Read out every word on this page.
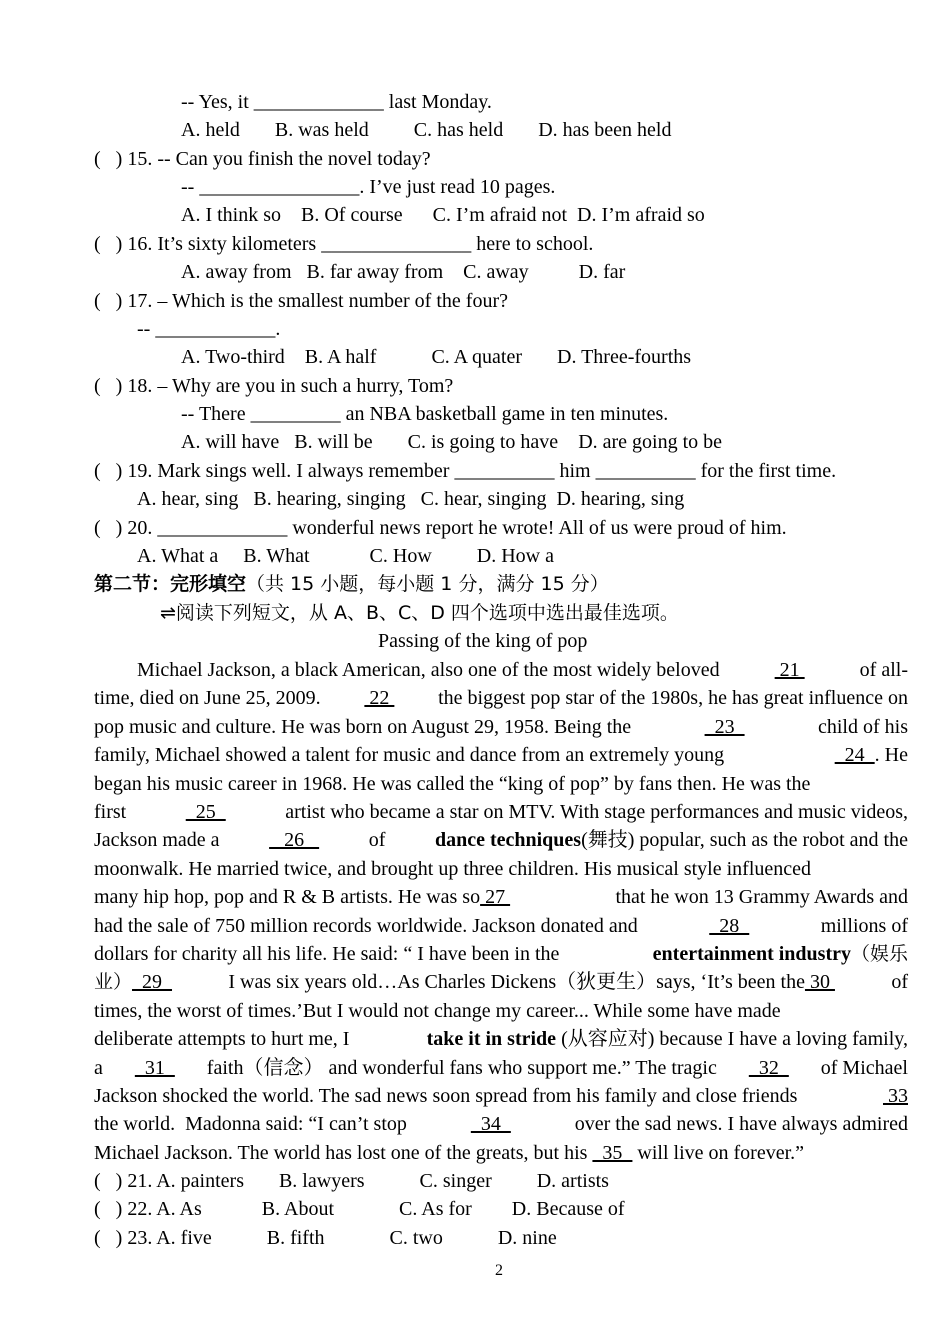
-- Yes, it _____________ last Monday.
A. held       B. was held         C. has held       D. has been held
(   ) 15. -- Can you finish the novel today?
-- ________________. I’ve just read 10 pages.
A. I think so    B. Of course      C. I’m afraid not  D. I’m afraid so
(   ) 16. It’s sixty kilometers _______________ here to school.
A. away from   B. far away from    C. away          D. far
(   ) 17. – Which is the smallest number of the four?
-- ____________.
A. Two-third    B. A half           C. A quater       D. Three-fourths
(   ) 18. – Why are you in such a hurry, Tom?
-- There _________ an NBA basketball game in ten minutes.
A. will have   B. will be       C. is going to have    D. are going to be
(   ) 19. Mark sings well. I always remember __________ him __________ for the first time.
A. hear, sing   B. hearing, singing   C. hear, singing  D. hearing, sing
(   ) 20. _____________ wonderful news report he wrote! All of us were proud of him.
A. What a     B. What            C. How         D. How a
第二节：完形填空（共 15 小题，每小题 1 分，满分 15 分）
⇌阅读下列短文，从 A、B、C、D 四个选项中选出最佳选项。
Passing of the king of pop
Michael Jackson, a black American, also one of the most widely beloved	21	of all-
time, died on June 25, 2009. 22 the biggest pop star of the 1980s, he has great influence on
pop music and culture. He was born on August 29, 1958. Being the	23	child of his
family, Michael showed a talent for music and dance from an extremely young	24  . He
began his music career in 1968. He was called the “king of pop” by fans then. He was the
first	25	artist who became a star on MTV. With stage performances and music videos,
Jackson made a 26 of dance techniques(舞技) popular, such as the robot and the
moonwalk. He married twice, and brought up three children. His musical style influenced
many hip hop, pop and R & B artists. He was so 27	that he won 13 Grammy Awards and
had the sale of 750 million records worldwide. Jackson donated and	28	millions of
dollars for charity all his life. He said: “ I have been in the	entertainment industry（娱乐
业）  29	I was six years old…As Charles Dickens（狄更生）says, ‘It’s been the 30	of
times, the worst of times.’But I would not change my career... While some have made
deliberate attempts to hurt me, I	take it in stride (从容应对) because I have a loving family,
a 31 faith（信念） and wonderful fans who support me.” The tragic 32 of Michael
Jackson shocked the world. The sad news soon spread from his family and close friends	33
the world.  Madonna said: “I can’t stop	34	over the sad news. I have always admired
Michael Jackson. The world has lost one of the greats, but his   35   will live on forever.”
(   ) 21. A. painters       B. lawyers           C. singer         D. artists
(   ) 22. A. As            B. About             C. As for        D. Because of
(   ) 23. A. five           B. fifth             C. two           D. nine
2
